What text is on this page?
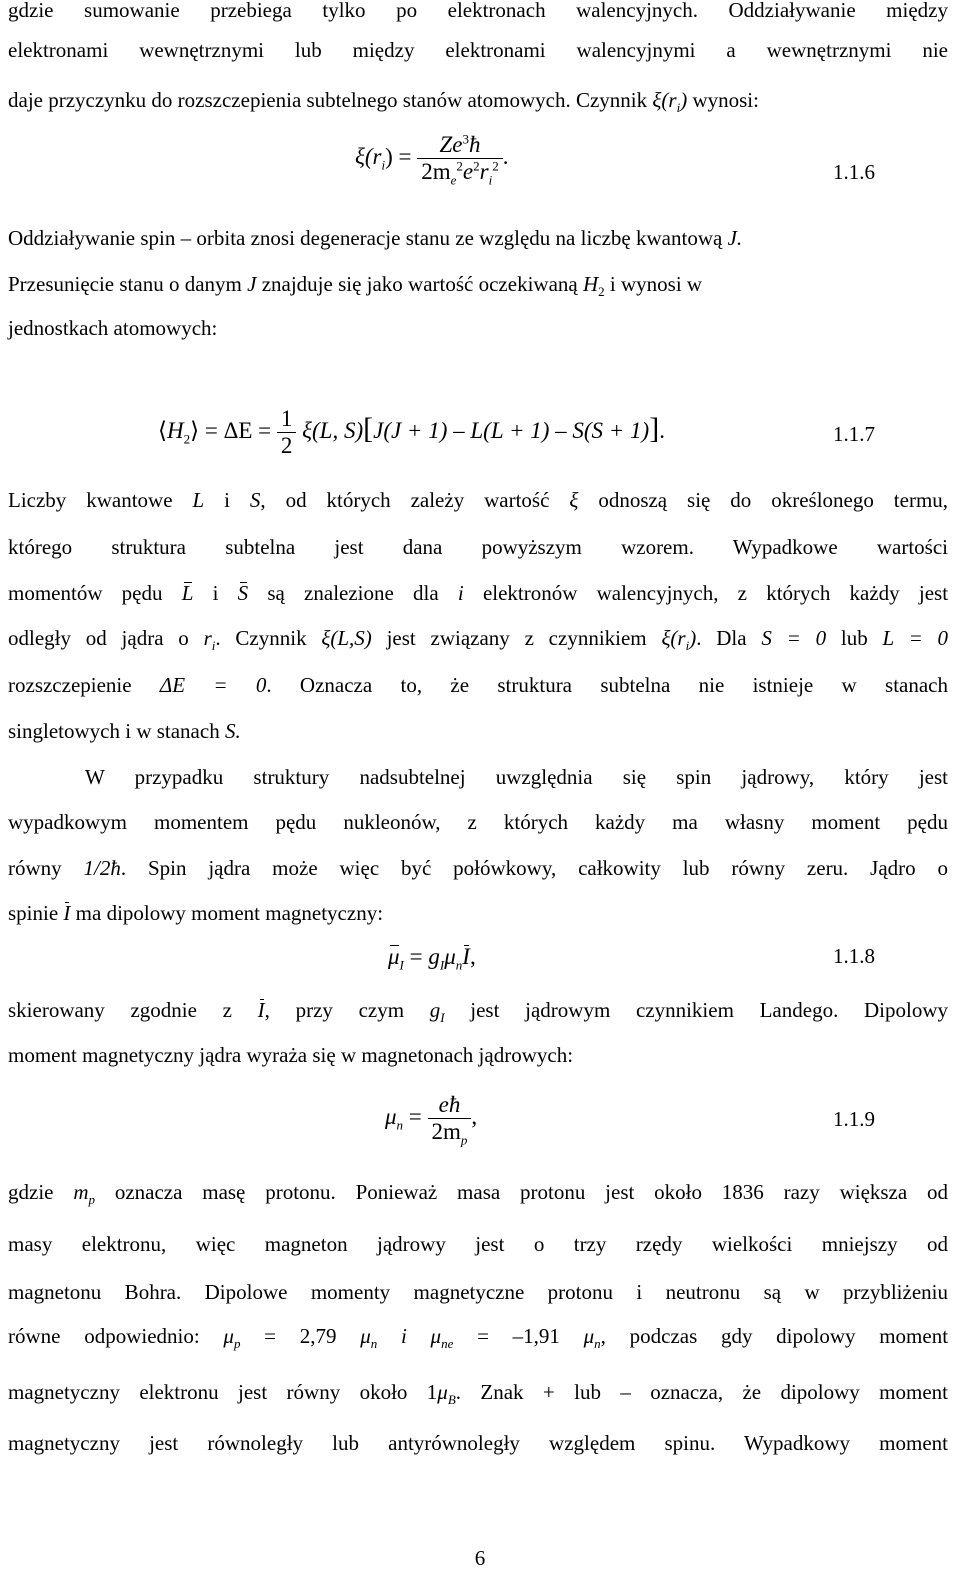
gdzie sumowanie przebiega tylko po elektronach walencyjnych. Oddziaływanie między
elektronami wewnętrznymi lub między elektronami walencyjnymi a wewnętrznymi nie
daje przyczynku do rozszczepienia subtelnego stanów atomowych. Czynnik $\xi(r_i)$ wynosi:
$\xi(r_i) = \frac{Ze^3ħ}{2m_e^2e^2r_i^2}$ .
1.1.6
Oddziaływanie spin – orbita znosi degeneracje stanu ze względu na liczbę kwantową J.
Przesunięcie stanu o danym J znajduje się jako wartość oczekiwaną $H_2$ i wynosi w
jednostkach atomowych:
$⟨H_2⟩ = \Delta E = \frac{1}{2} \xi(L$, S)[J(J + 1) – L(L + 1) – S(S + 1)].	1.1.7
Liczby kwantowe L i S, od których zależy wartość ξ odnoszą się do określonego termu,
którego struktura subtelna jest dana powyższym wzorem. Wypadkowe wartości
momentów pędu L i S są znalezione dla i elektronów walencyjnych, z których każdy jest
odległy od jądra o $r_i$. Czynnik ξ(L,S) jest związany z czynnikiem $\xi(r_i)$. Dla S = 0 lub L = 0
rozszczepienie ΔE = 0. Oznacza to, że struktura subtelna nie istnieje w stanach
singletowych i w stanach S.
W przypadku struktury nadsubtelnej uwzględnia się spin jądrowy, który jest
wypadkowym momentem pędu nukleonów, z których każdy ma własny moment pędu
równy 1/2ħ. Spin jądra może więc być połówkowy, całkowity lub równy zeru. Jądro o
spinie I ma dipolowy moment magnetyczny:
$\mu_I = g_I\mu_nI$,	1.1.8
skierowany zgodnie z I, przy czym $g_I$ jest jądrowym czynnikiem Landego. Dipolowy
moment magnetyczny jądra wyraża się w magnetonach jądrowych:
$\mu_n = \frac{eħ}{2m_p}$ ,	1.1.9
gdzie $m_p$ oznacza masę protonu. Ponieważ masa protonu jest około 1836 razy większa od
masy elektronu, więc magneton jądrowy jest o trzy rzędy wielkości mniejszy od
magnetonu Bohra. Dipolowe momenty magnetyczne protonu i neutronu są w przybliżeniu
równe odpowiednio: $\mu_p = 2,79$ $\mu_n$ i $\mu_{ne} = -1,91$ $\mu_n$, podczas gdy dipolowy moment
magnetyczny elektronu jest równy około $1\mu_B$. Znak + lub – oznacza, że dipolowy moment
magnetyczny jest równoległy lub antyrównoległy względem spinu. Wypadkowy moment
6
